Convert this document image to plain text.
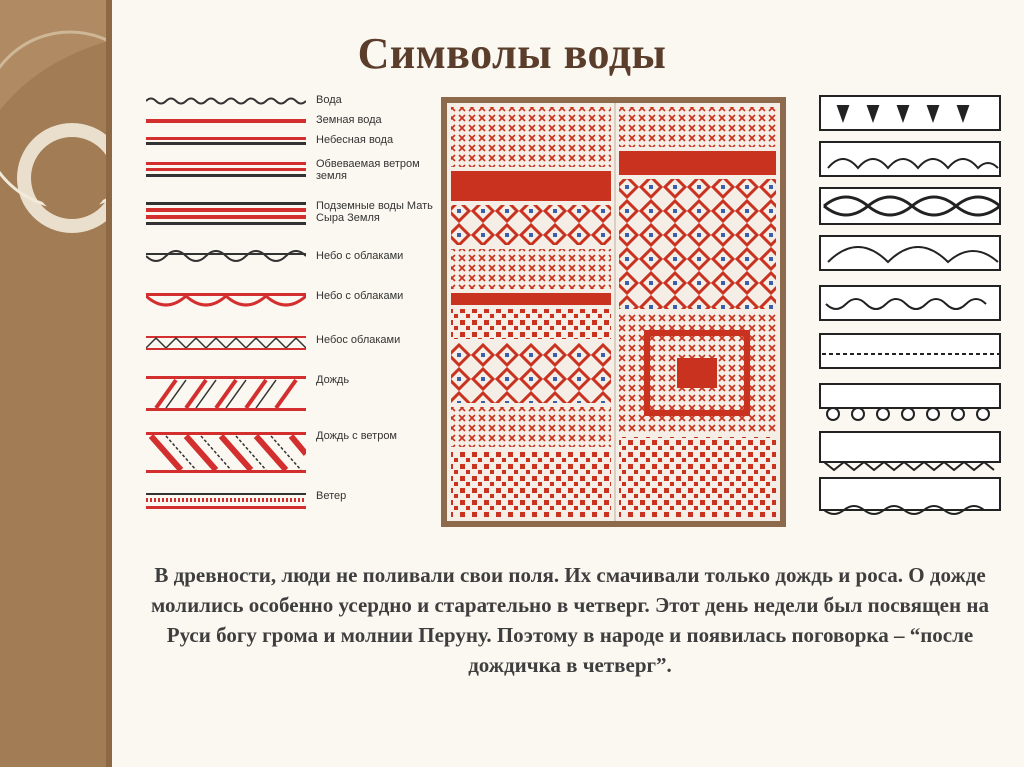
Символы воды
Вода
Земная вода
Небесная вода
Обвеваемая ветром земля
Подземные воды Мать Сыра Земля
Небо с облаками
Небо с облаками
Небос облаками
Дождь
Дождь с ветром
Ветер
В древности, люди не поливали свои поля. Их смачивали только дождь и роса. О дожде молились особенно усердно и старательно в четверг. Этот день недели был посвящен на Руси богу грома и молнии Перуну. Поэтому в народе и появилась поговорка – “после дождичка в четверг”.
